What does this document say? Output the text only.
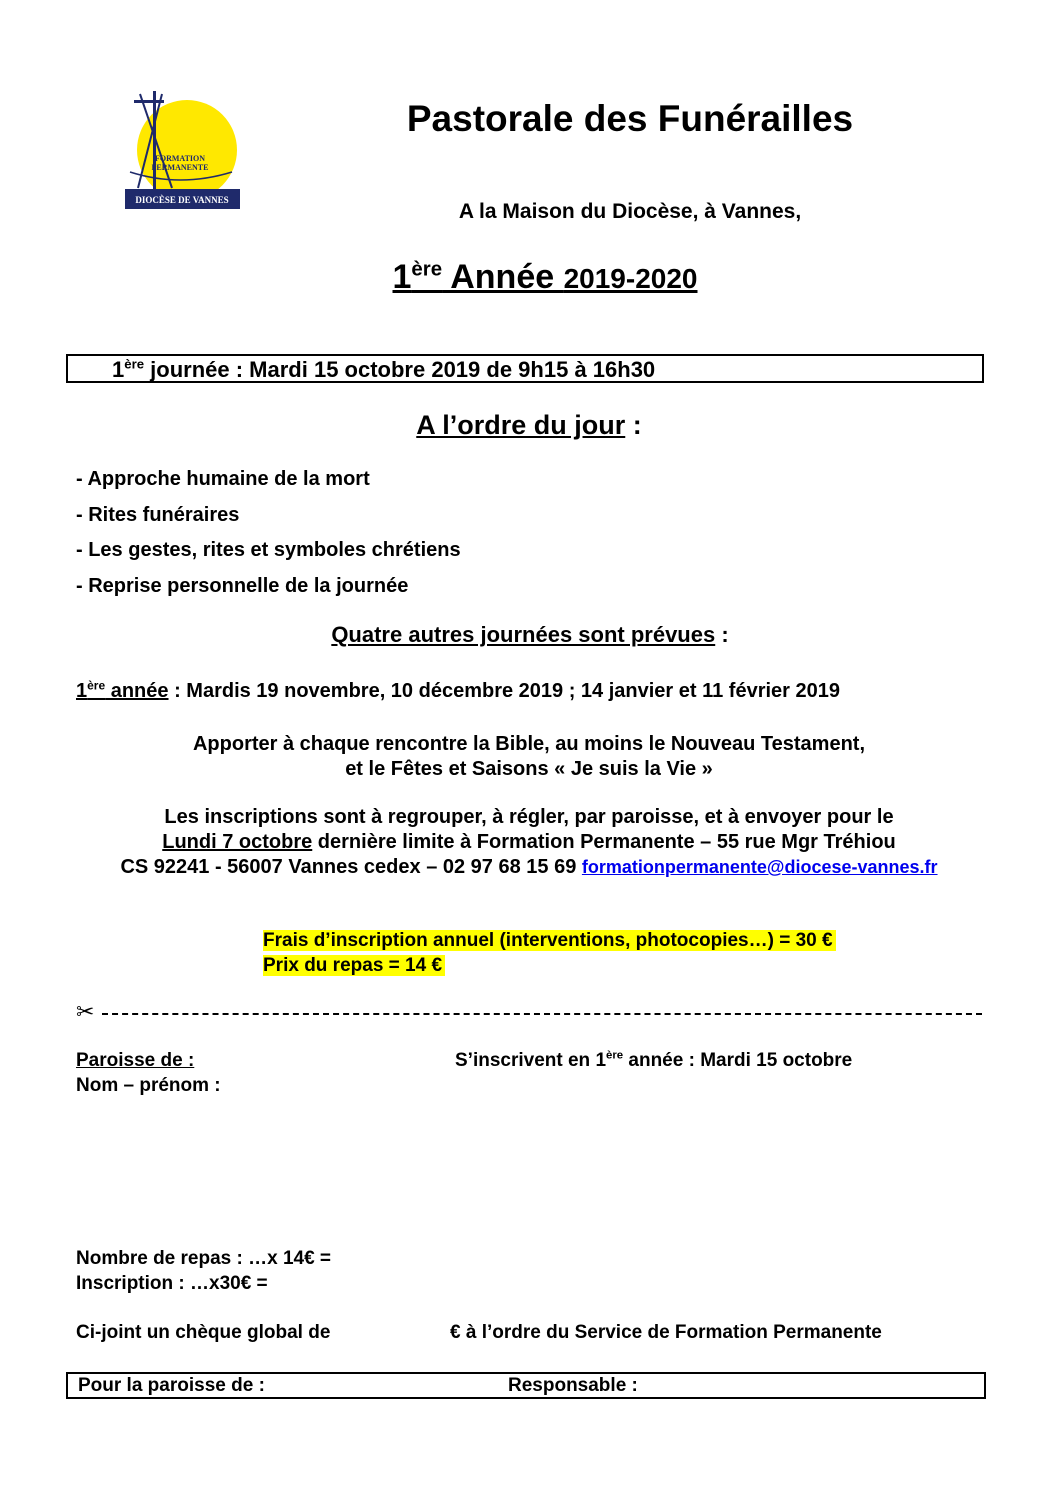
FORMATION
PERMANENTE
DIOCÈSE DE VANNES
Pastorale des Funérailles
A la Maison du Diocèse, à Vannes,
1ère Année 2019-2020
1ère journée : Mardi 15 octobre 2019 de 9h15 à 16h30
A l’ordre du jour :
- Approche humaine de la mort
- Rites funéraires
- Les gestes, rites et symboles chrétiens
- Reprise personnelle de la journée
Quatre autres journées sont prévues :
1ère année : Mardis 19 novembre, 10 décembre 2019 ; 14 janvier et 11 février 2019
Apporter à chaque rencontre la Bible, au moins le Nouveau Testament,
et le Fêtes et Saisons « Je suis la Vie »
Les inscriptions sont à regrouper, à régler, par paroisse, et à envoyer pour le
Lundi 7 octobre dernière limite à Formation Permanente – 55 rue Mgr Tréhiou
CS 92241 - 56007 Vannes cedex – 02 97 68 15 69 formationpermanente@diocese-vannes.fr
Frais d’inscription annuel (interventions, photocopies…) = 30 €
Prix du repas = 14 €
✂
Paroisse de :	S’inscrivent en 1ère année : Mardi 15 octobre
Nom – prénom :
Nombre de repas : …x 14€ =
Inscription : …x30€ =
Ci-joint un chèque global de	€ à l’ordre du Service de Formation Permanente
Pour la paroisse de :	Responsable :
